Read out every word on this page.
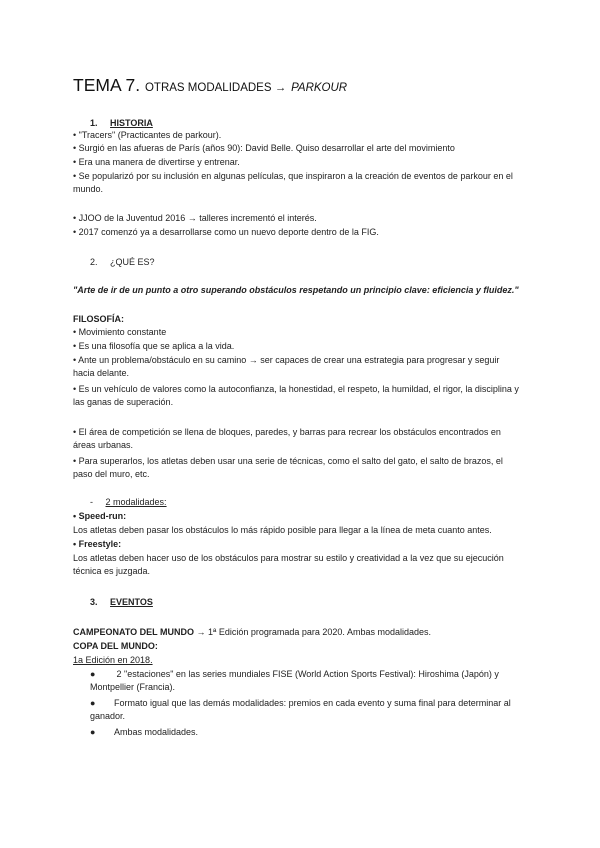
TEMA 7. OTRAS MODALIDADES → PARKOUR
1. HISTORIA
• "Tracers" (Practicantes de parkour).
• Surgió en las afueras de París (años 90): David Belle. Quiso desarrollar el arte del movimiento
• Era una manera de divertirse y entrenar.
• Se popularizó por su inclusión en algunas películas, que inspiraron a la creación de eventos de parkour en el mundo.
• JJOO de la Juventud 2016 → talleres incrementó el interés.
• 2017 comenzó ya a desarrollarse como un nuevo deporte dentro de la FIG.
2. ¿QUÉ ES?
"Arte de ir de un punto a otro superando obstáculos respetando un principio clave: eficiencia y fluidez."
FILOSOFÍA:
• Movimiento constante
• Es una filosofía que se aplica a la vida.
• Ante un problema/obstáculo en su camino → ser capaces de crear una estrategia para progresar y seguir hacia delante.
• Es un vehículo de valores como la autoconfianza, la honestidad, el respeto, la humildad, el rigor, la disciplina y las ganas de superación.
• El área de competición se llena de bloques, paredes, y barras para recrear los obstáculos encontrados en áreas urbanas.
• Para superarlos, los atletas deben usar una serie de técnicas, como el salto del gato, el salto de brazos, el paso del muro, etc.
- 2 modalidades:
• Speed-run:
Los atletas deben pasar los obstáculos lo más rápido posible para llegar a la línea de meta cuanto antes.
• Freestyle:
Los atletas deben hacer uso de los obstáculos para mostrar su estilo y creatividad a la vez que su ejecución técnica es juzgada.
3. EVENTOS
CAMPEONATO DEL MUNDO → 1ª Edición programada para 2020. Ambas modalidades.
COPA DEL MUNDO:
1a Edición en 2018.
● 2 "estaciones" en las series mundiales FISE (World Action Sports Festival): Hiroshima (Japón) y Montpellier (Francia).
● Formato igual que las demás modalidades: premios en cada evento y suma final para determinar al ganador.
● Ambas modalidades.
